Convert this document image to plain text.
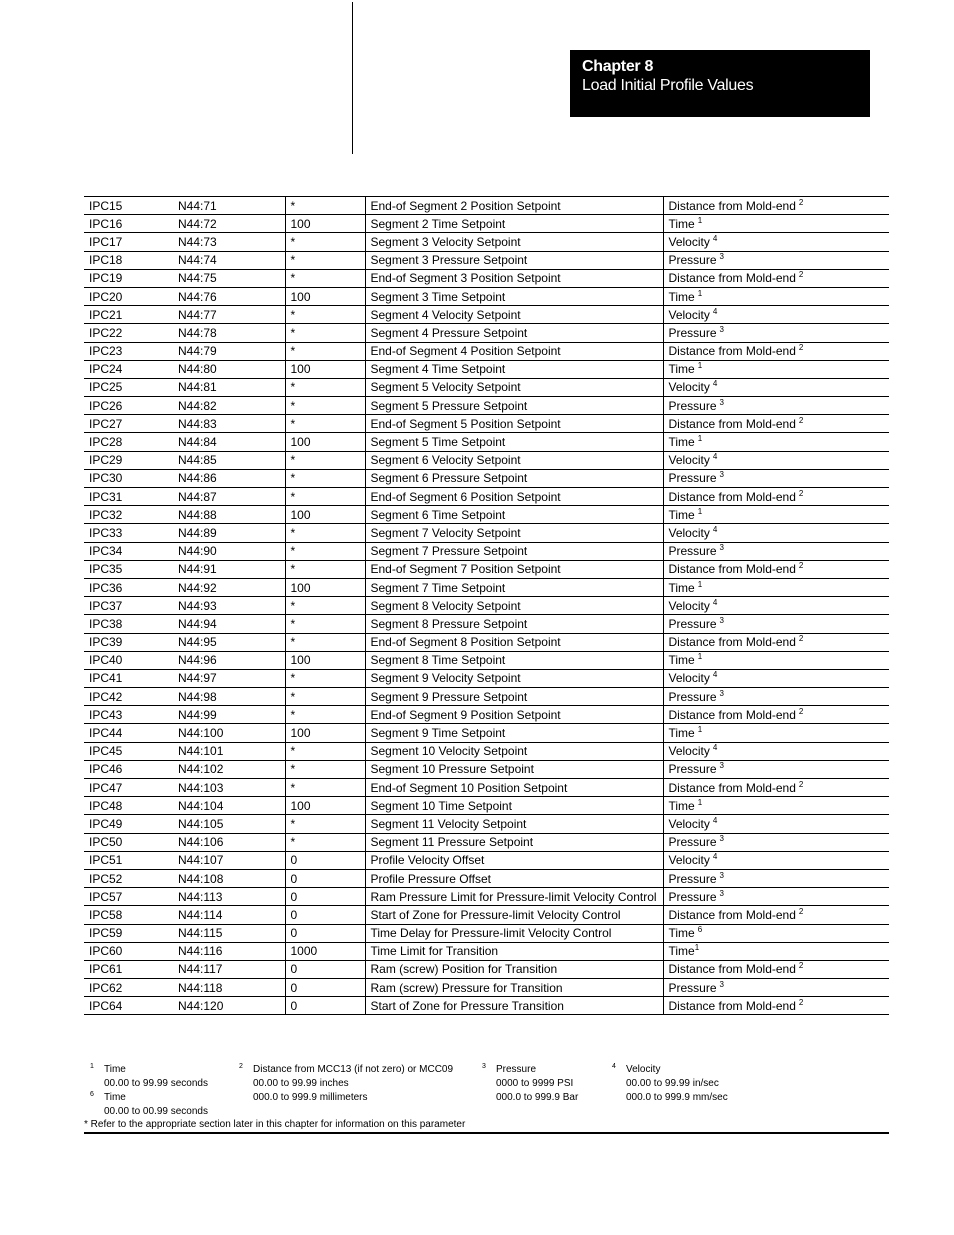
Chapter 8
Load Initial Profile Values
IPC15	N44:71	*	End-of Segment 2 Position Setpoint	Distance from Mold-end $^2$
IPC16	N44:72	100	Segment 2 Time Setpoint	Time $^1$
IPC17	N44:73	*	Segment 3 Velocity Setpoint	Velocity $^4$
IPC18	N44:74	*	Segment 3 Pressure Setpoint	Pressure $^3$
IPC19	N44:75	*	End-of Segment 3 Position Setpoint	Distance from Mold-end $^2$
IPC20	N44:76	100	Segment 3 Time Setpoint	Time $^1$
IPC21	N44:77	*	Segment 4 Velocity Setpoint	Velocity $^4$
IPC22	N44:78	*	Segment 4 Pressure Setpoint	Pressure $^3$
IPC23	N44:79	*	End-of Segment 4 Position Setpoint	Distance from Mold-end $^2$
IPC24	N44:80	100	Segment 4 Time Setpoint	Time $^1$
IPC25	N44:81	*	Segment 5 Velocity Setpoint	Velocity $^4$
IPC26	N44:82	*	Segment 5 Pressure Setpoint	Pressure $^3$
IPC27	N44:83	*	End-of Segment 5 Position Setpoint	Distance from Mold-end $^2$
IPC28	N44:84	100	Segment 5 Time Setpoint	Time $^1$
IPC29	N44:85	*	Segment 6 Velocity Setpoint	Velocity $^4$
IPC30	N44:86	*	Segment 6 Pressure Setpoint	Pressure $^3$
IPC31	N44:87	*	End-of Segment 6 Position Setpoint	Distance from Mold-end $^2$
IPC32	N44:88	100	Segment 6 Time Setpoint	Time $^1$
IPC33	N44:89	*	Segment 7 Velocity Setpoint	Velocity $^4$
IPC34	N44:90	*	Segment 7 Pressure Setpoint	Pressure $^3$
IPC35	N44:91	*	End-of Segment 7 Position Setpoint	Distance from Mold-end $^2$
IPC36	N44:92	100	Segment 7 Time Setpoint	Time $^1$
IPC37	N44:93	*	Segment 8 Velocity Setpoint	Velocity $^4$
IPC38	N44:94	*	Segment 8 Pressure Setpoint	Pressure $^3$
IPC39	N44:95	*	End-of Segment 8 Position Setpoint	Distance from Mold-end $^2$
IPC40	N44:96	100	Segment 8 Time Setpoint	Time $^1$
IPC41	N44:97	*	Segment 9 Velocity Setpoint	Velocity $^4$
IPC42	N44:98	*	Segment 9 Pressure Setpoint	Pressure $^3$
IPC43	N44:99	*	End-of Segment 9 Position Setpoint	Distance from Mold-end $^2$
IPC44	N44:100	100	Segment 9 Time Setpoint	Time $^1$
IPC45	N44:101	*	Segment 10 Velocity Setpoint	Velocity $^4$
IPC46	N44:102	*	Segment 10 Pressure Setpoint	Pressure $^3$
IPC47	N44:103	*	End-of Segment 10 Position Setpoint	Distance from Mold-end $^2$
IPC48	N44:104	100	Segment 10 Time Setpoint	Time $^1$
IPC49	N44:105	*	Segment 11 Velocity Setpoint	Velocity $^4$
IPC50	N44:106	*	Segment 11 Pressure Setpoint	Pressure $^3$
IPC51	N44:107	0	Profile Velocity Offset	Velocity $^4$
IPC52	N44:108	0	Profile Pressure Offset	Pressure $^3$
IPC57	N44:113	0	Ram Pressure Limit for Pressure-limit Velocity Control	Pressure $^3$
IPC58	N44:114	0	Start of Zone for Pressure-limit Velocity Control	Distance from Mold-end $^2$
IPC59	N44:115	0	Time Delay for Pressure-limit Velocity Control	Time $^6$
IPC60	N44:116	1000	Time Limit for Transition	Time$^1$
IPC61	N44:117	0	Ram (screw) Position for Transition	Distance from Mold-end $^2$
IPC62	N44:118	0	Ram (screw) Pressure for Transition	Pressure $^3$
IPC64	N44:120	0	Start of Zone for Pressure Transition	Distance from Mold-end $^2$
1 Time
00.00 to 99.99 seconds
2 Distance from MCC13 (if not zero) or MCC09
00.00 to 99.99 inches
000.0 to 999.9 millimeters
3 Pressure
0000 to 9999 PSI
000.0 to 999.9 Bar
4 Velocity
00.00 to 99.99 in/sec
000.0 to 999.9 mm/sec
6 Time
00.00 to 00.99 seconds
* Refer to the appropriate section later in this chapter for information on this parameter
